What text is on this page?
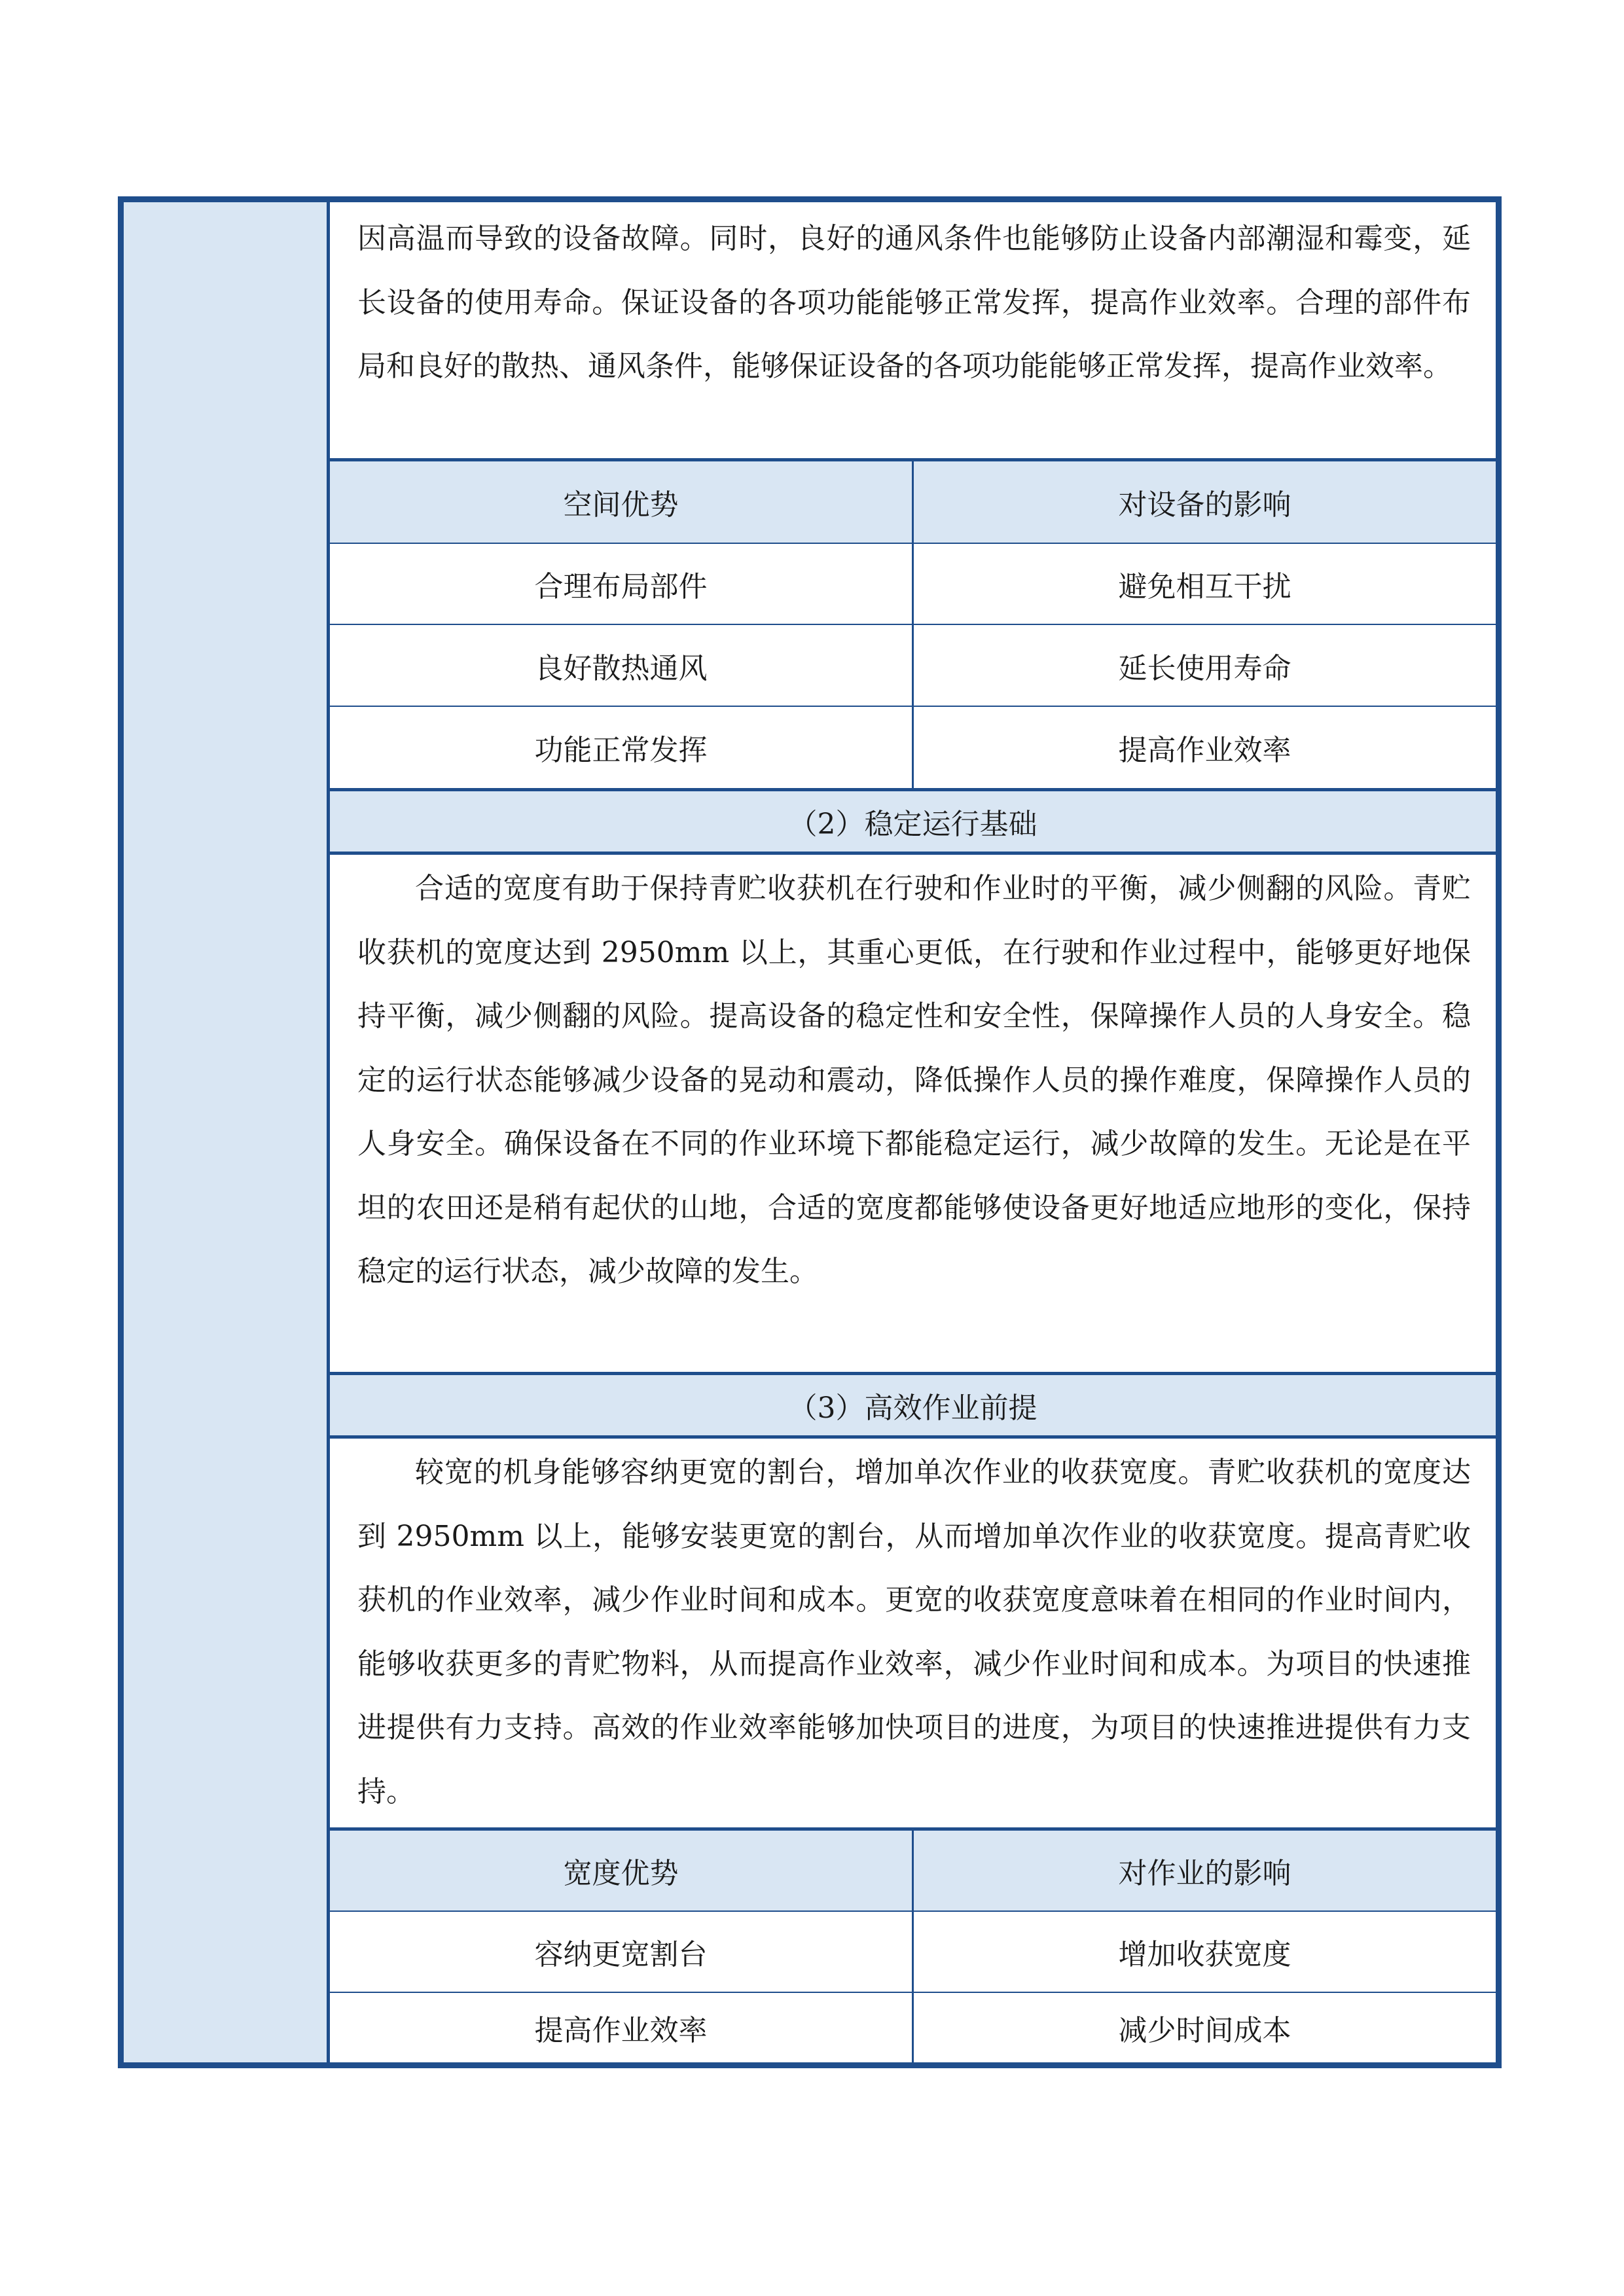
因高温而导致的设备故障。同时，良好的通风条件也能够防止设备内部潮湿和霉变，延长设备的使用寿命。保证设备的各项功能能够正常发挥，提高作业效率。合理的部件布局和良好的散热、通风条件，能够保证设备的各项功能能够正常发挥，提高作业效率。
空间优势	对设备的影响
合理布局部件	避免相互干扰
良好散热通风	延长使用寿命
功能正常发挥	提高作业效率
（2）稳定运行基础
合适的宽度有助于保持青贮收获机在行驶和作业时的平衡，减少侧翻的风险。青贮收获机的宽度达到 2950mm 以上，其重心更低，在行驶和作业过程中，能够更好地保持平衡，减少侧翻的风险。提高设备的稳定性和安全性，保障操作人员的人身安全。稳定的运行状态能够减少设备的晃动和震动，降低操作人员的操作难度，保障操作人员的人身安全。确保设备在不同的作业环境下都能稳定运行，减少故障的发生。无论是在平坦的农田还是稍有起伏的山地，合适的宽度都能够使设备更好地适应地形的变化，保持稳定的运行状态，减少故障的发生。
（3）高效作业前提
较宽的机身能够容纳更宽的割台，增加单次作业的收获宽度。青贮收获机的宽度达到 2950mm 以上，能够安装更宽的割台，从而增加单次作业的收获宽度。提高青贮收获机的作业效率，减少作业时间和成本。更宽的收获宽度意味着在相同的作业时间内，能够收获更多的青贮物料，从而提高作业效率，减少作业时间和成本。为项目的快速推进提供有力支持。高效的作业效率能够加快项目的进度，为项目的快速推进提供有力支持。
宽度优势	对作业的影响
容纳更宽割台	增加收获宽度
提高作业效率	减少时间成本
